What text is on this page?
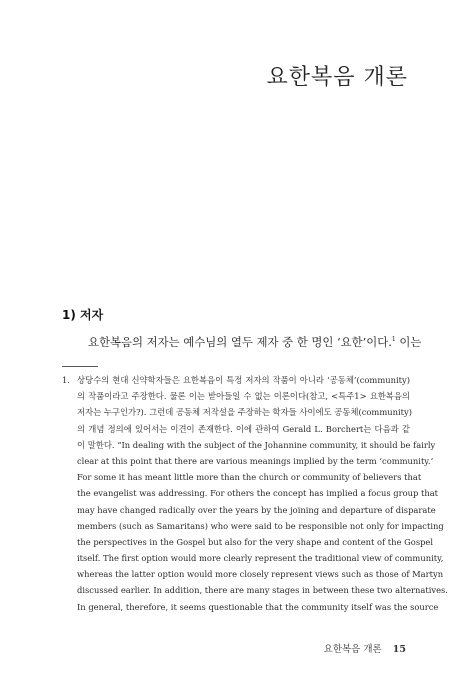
요한복음 개론
1) 저자
요한복음의 저자는 예수님의 열두 제자 중 한 명인 ‘요한’이다.$^1$ 이는
1. 상당수의 현대 신약학자들은 요한복음이 특정 저자의 작품이 아니라 ‘공동체’(community)
의 작품이라고 주장한다. 물론 이는 받아들일 수 없는 이론이다(참고, <특주1> 요한복음의
저자는 누구인가?). 그런데 공동체 저작설을 주장하는 학자들 사이에도 공동체(community)
의 개념 정의에 있어서는 이견이 존재한다. 이에 관하여 Gerald L. Borchert는 다음과 같
이 말한다. “In dealing with the subject of the Johannine community, it should be fairly
clear at this point that there are various meanings implied by the term ‘community.’
For some it has meant little more than the church or community of believers that
the evangelist was addressing. For others the concept has implied a focus group that
may have changed radically over the years by the joining and departure of disparate
members (such as Samaritans) who were said to be responsible not only for impacting
the perspectives in the Gospel but also for the very shape and content of the Gospel
itself. The first option would more clearly represent the traditional view of community,
whereas the latter option would more closely represent views such as those of Martyn
discussed earlier. In addition, there are many stages in between these two alternatives.
In general, therefore, it seems questionable that the community itself was the source
요한복음 개론 15
